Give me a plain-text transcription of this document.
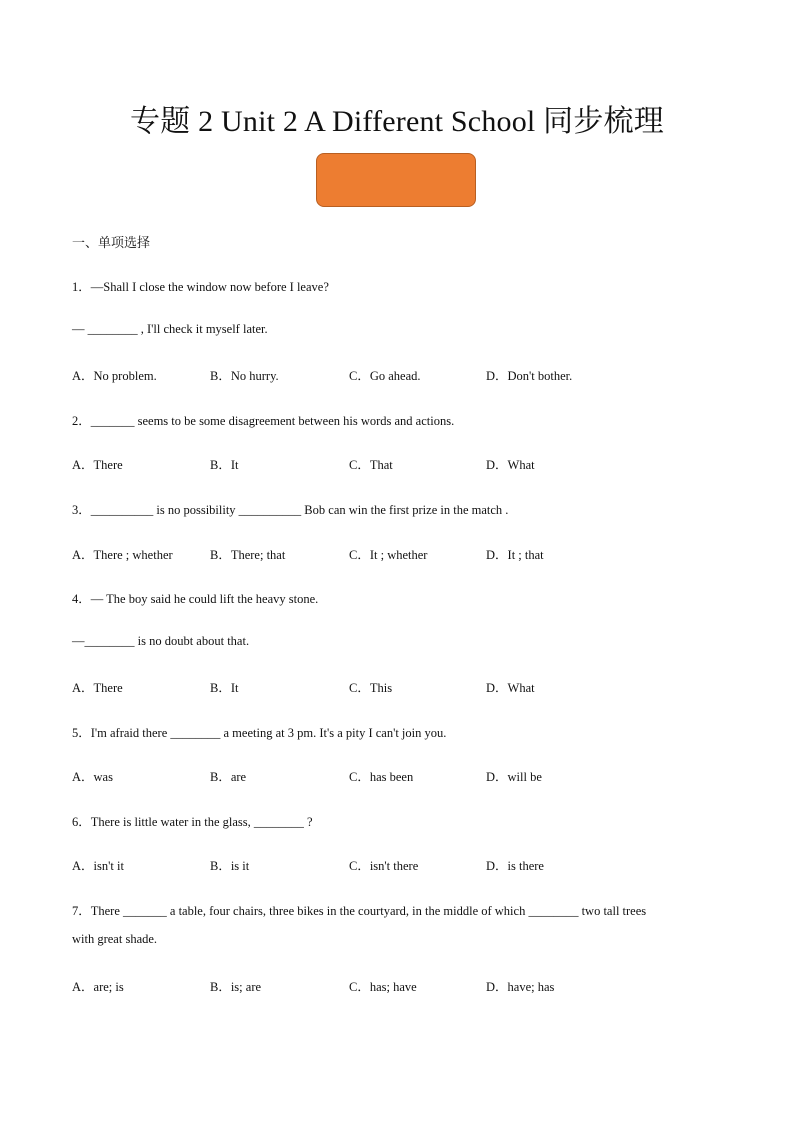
专题 2 Unit 2 A Different School 同步梳理
一、单项选择
1．—Shall I close the window now before I leave?
— ________ , I'll check it myself later.
A．No problem.	B．No hurry.	C．Go ahead.	D．Don't bother.
2．_______ seems to be some disagreement between his words and actions.
A．There	B．It	C．That	D．What
3．__________ is no possibility __________ Bob can win the first prize in the match .
A．There ; whether	B．There; that	C．It ; whether	D．It ; that
4．— The boy said he could lift the heavy stone.
—________ is no doubt about that.
A．There	B．It	C．This	D．What
5．I'm afraid there ________ a meeting at 3 pm. It's a pity I can't join you.
A．was	B．are	C．has been	D．will be
6．There is little water in the glass, ________ ?
A．isn't it	B．is it	C．isn't there	D．is there
7．There _______ a table, four chairs, three bikes in the courtyard, in the middle of which ________ two tall trees
with great shade.
A．are; is	B．is; are	C．has; have	D．have; has
